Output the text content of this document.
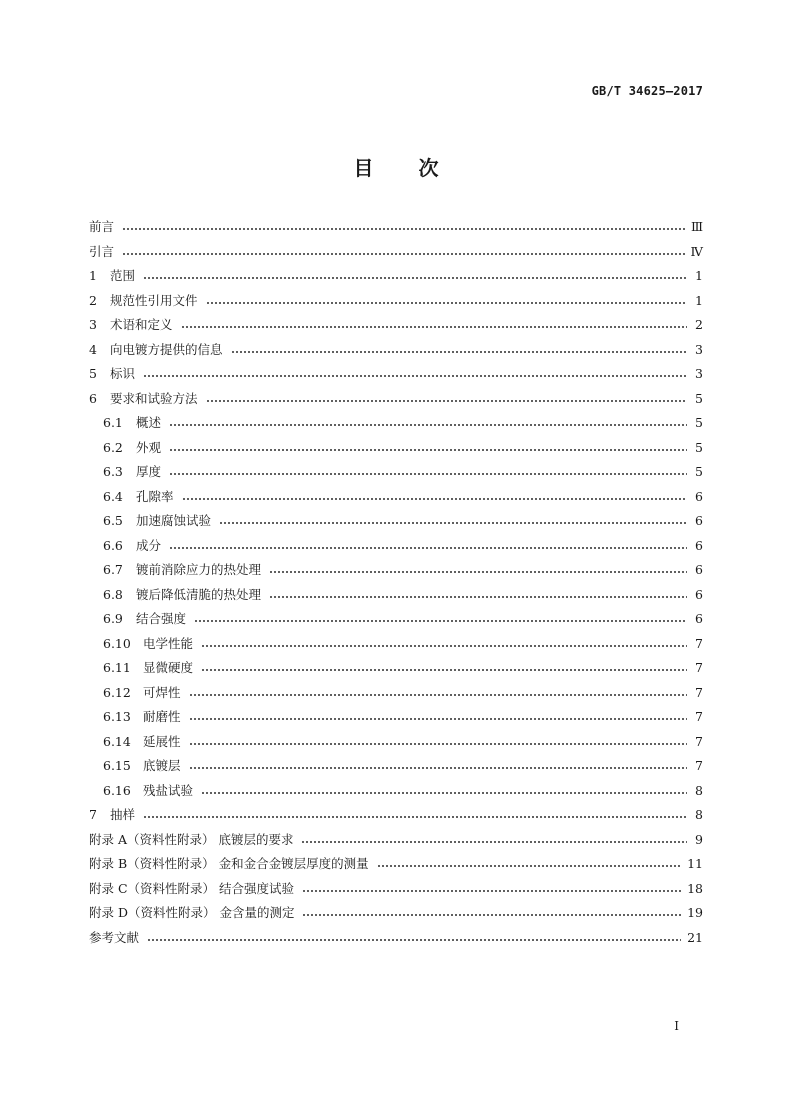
GB/T 34625—2017
目 次
前言	Ⅲ
引言	Ⅳ
1	范围	1
2	规范性引用文件	1
3	术语和定义	2
4	向电镀方提供的信息	3
5	标识	3
6	要求和试验方法	5
6.1	概述	5
6.2	外观	5
6.3	厚度	5
6.4	孔隙率	6
6.5	加速腐蚀试验	6
6.6	成分	6
6.7	镀前消除应力的热处理	6
6.8	镀后降低清脆的热处理	6
6.9	结合强度	6
6.10 电学性能	7
6.11 显微硬度	7
6.12 可焊性	7
6.13 耐磨性	7
6.14 延展性	7
6.15 底镀层	7
6.16 残盐试验	8
7	抽样	8
附录 A（资料性附录） 底镀层的要求	9
附录 B（资料性附录） 金和金合金镀层厚度的测量	11
附录 C（资料性附录） 结合强度试验	18
附录 D（资料性附录） 金含量的测定	19
参考文献	21
I
